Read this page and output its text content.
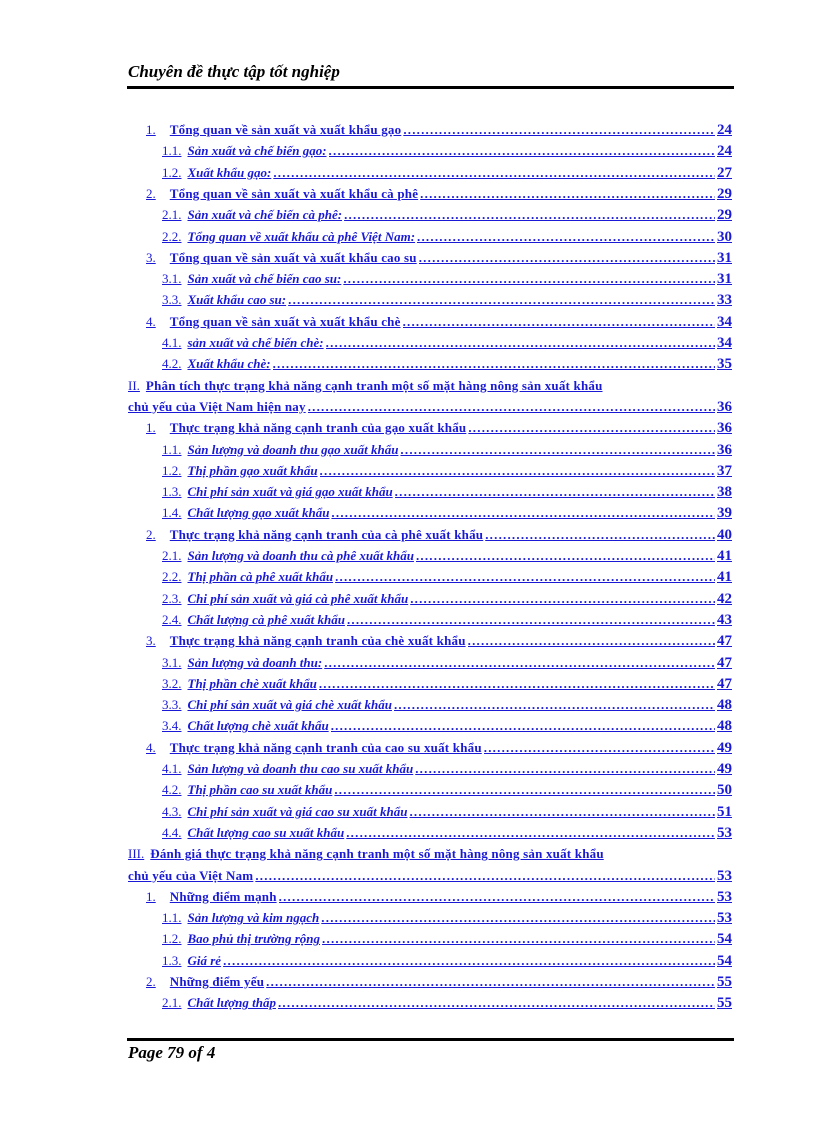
Chuyên đề thực tập tốt nghiệp
1. Tổng quan về sản xuất và xuất khẩu gạo .....	24
1.1. Sản xuất và chế biến gạo: .....	24
1.2. Xuất khẩu gạo: .....	27
2. Tổng quan về sản xuất và xuất khẩu cà phê .....	29
2.1. Sản xuất và chế biến cà phê: .....	29
2.2. Tổng quan về xuất khẩu cà phê Việt Nam: .....	30
3. Tổng quan về sản xuất và xuất khẩu cao su .....	31
3.1. Sản xuất và chế biến cao su: .....	31
3.3. Xuất khẩu cao su: .....	33
4. Tổng quan về sản xuất và xuất khẩu chè .....	34
4.1. sản xuất và chế biến chè: .....	34
4.2. Xuất khẩu chè: .....	35
II. Phân tích thực trạng khả năng cạnh tranh một số mặt hàng nông sản xuất khẩu
chủ yếu của Việt Nam hiện nay .....	36
1. Thực trạng khả năng cạnh tranh của gạo xuất khẩu .....	36
1.1. Sản lượng và doanh thu gạo xuất khẩu .....	36
1.2. Thị phần gạo xuất khẩu .....	37
1.3. Chi phí sản xuất và giá gạo xuất khẩu .....	38
1.4. Chất lượng gạo xuất khẩu .....	39
2. Thực trạng khả năng cạnh tranh của cà phê xuất khẩu .....	40
2.1. Sản lượng và doanh thu cà phê xuất khẩu .....	41
2.2. Thị phần cà phê xuất khẩu .....	41
2.3. Chi phí sản xuất và giá cà phê xuất khẩu .....	42
2.4. Chất lượng cà phê xuất khẩu .....	43
3. Thực trạng khả năng cạnh tranh của chè xuất khẩu .....	47
3.1. Sản lượng và doanh thu: .....	47
3.2. Thị phần chè xuất khẩu .....	47
3.3. Chi phí sản xuất và giá chè xuất khẩu .....	48
3.4. Chất lượng chè xuất khẩu .....	48
4. Thực trạng khả năng cạnh tranh của cao su xuất khẩu .....	49
4.1. Sản lượng và doanh thu cao su xuất khẩu .....	49
4.2. Thị phần cao su xuất khẩu .....	50
4.3. Chi phí sản xuất và giá cao su xuất khẩu .....	51
4.4. Chất lượng cao su xuất khẩu .....	53
III. Đánh giá thực trạng khả năng cạnh tranh một số mặt hàng nông sản xuất khẩu
chủ yếu của Việt Nam .....	53
1. Những điểm mạnh .....	53
1.1. Sản lượng và kim ngạch .....	53
1.2. Bao phủ thị trường rộng .....	54
1.3. Giá rẻ .....	54
2. Những điểm yếu .....	55
2.1. Chất lượng thấp .....	55
Page 79 of 4
